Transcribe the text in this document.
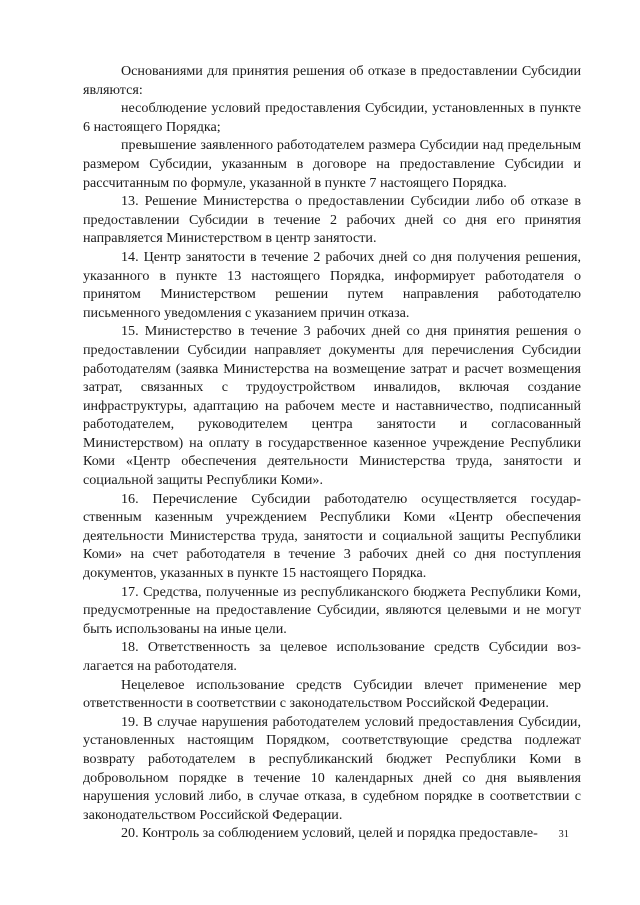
Основаниями для принятия решения об отказе в предоставлении Субсидии являются:

несоблюдение условий предоставления Субсидии, установленных в пункте 6 настоящего Порядка;

превышение заявленного работодателем размера Субсидии над предельным размером Субсидии, указанным в договоре на предоставление Субсидии и рассчитанным по формуле, указанной в пункте 7 настоящего Порядка.

13. Решение Министерства о предоставлении Субсидии либо об отказе в предоставлении Субсидии в течение 2 рабочих дней со дня его принятия направляется Министерством в центр занятости.

14. Центр занятости в течение 2 рабочих дней со дня получения решения, указанного в пункте 13 настоящего Порядка, информирует работодателя о принятом Министерством решении путем направления работодателю письменного уведомления с указанием причин отказа.

15. Министерство в течение 3 рабочих дней со дня принятия решения о предоставлении Субсидии направляет документы для перечисления Субсидии работодателям (заявка Министерства на возмещение затрат и расчет возмещения затрат, связанных с трудоустройством инвалидов, включая создание инфраструктуры, адаптацию на рабочем месте и наставничество, подписанный работодателем, руководителем центра занятости и согласованный Министерством) на оплату в государственное казенное учреждение Республики Коми «Центр обеспечения деятельности Министерства труда, занятости и социальной защиты Республики Коми».

16. Перечисление Субсидии работодателю осуществляется государственным казенным учреждением Республики Коми «Центр обеспечения деятельности Министерства труда, занятости и социальной защиты Республики Коми» на счет работодателя в течение 3 рабочих дней со дня поступления документов, указанных в пункте 15 настоящего Порядка.

17. Средства, полученные из республиканского бюджета Республики Коми, предусмотренные на предоставление Субсидии, являются целевыми и не могут быть использованы на иные цели.

18. Ответственность за целевое использование средств Субсидии возлагается на работодателя.

Нецелевое использование средств Субсидии влечет применение мер ответственности в соответствии с законодательством Российской Федерации.

19. В случае нарушения работодателем условий предоставления Субсидии, установленных настоящим Порядком, соответствующие средства подлежат возврату работодателем в республиканский бюджет Республики Коми в добровольном порядке в течение 10 календарных дней со дня выявления нарушения условий либо, в случае отказа, в судебном порядке в соответствии с законодательством Российской Федерации.

20. Контроль за соблюдением условий, целей и порядка предоставле-	31
